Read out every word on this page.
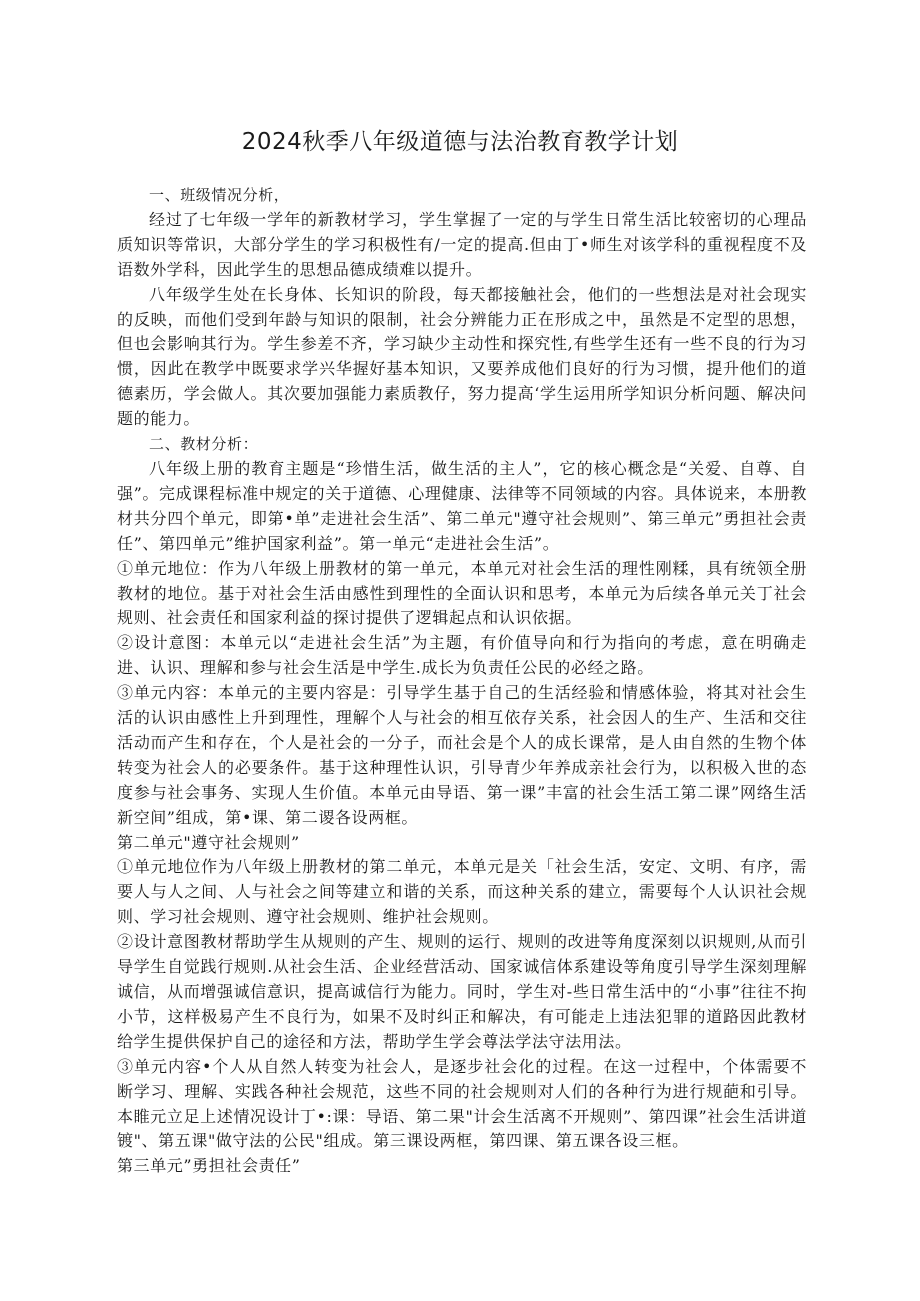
2024秋季八年级道德与法治教育教学计划

一、班级情况分析，

经过了七年级一学年的新教材学习，学生掌握了一定的与学生日常生活比较密切的心理品质知识等常识，大部分学生的学习积极性有/一定的提高.但由丁•师生对该学科的重视程度不及语数外学科，因此学生的思想品德成绩难以提升。

八年级学生处在长身体、长知识的阶段，每天都接触社会，他们的一些想法是对社会现实的反映，而他们受到年龄与知识的限制，社会分辨能力正在形成之中，虽然是不定型的思想，但也会影响其行为。学生参差不齐，学习缺少主动性和探究性,有些学生还有一些不良的行为习惯，因此在教学中既要求学兴华握好基本知识，又要养成他们良好的行为习惯，提升他们的道德素历，学会做人。其次要加强能力素质教仔，努力提高‘学生运用所学知识分析问题、解决问题的能力。

二、教材分析：

八年级上册的教育主题是“珍惜生活，做生活的主人”，它的核心概念是“关爱、自尊、自强”。完成课程标准中规定的关于道德、心理健康、法律等不同领域的内容。具体说来，本册教材共分四个单元，即第•单”走进社会生活”、第二单元"遵守社会规则”、第三单元”勇担社会责任”、第四单元”维护国家利益”。第一单元“走进社会生活”。

①单元地位：作为八年级上册教材的第一单元，本单元对社会生活的理性刚糅，具有统领全册教材的地位。基于对社会生活由感性到理性的全面认识和思考，本单元为后续各单元关丁社会规则、社会责任和国家利益的探讨提供了逻辑起点和认识依据。

②设计意图：本单元以“走进社会生活”为主题，有价值导向和行为指向的考虑，意在明确走进、认识、理解和参与社会生活是中学生.成长为负责任公民的必经之路。

③单元内容：本单元的主要内容是：引导学生基于自己的生活经验和情感体验，将其对社会生活的认识由感性上升到理性，理解个人与社会的相互依存关系，社会因人的生产、生活和交往活动而产生和存在，个人是社会的一分子，而社会是个人的成长课常，是人由自然的生物个体转变为社会人的必要条件。基于这种理性认识，引导青少年养成亲社会行为，以积极入世的态度参与社会事务、实现人生价值。本单元由导语、第一课”丰富的社会生活工第二课”网络生活新空间”组成，第•课、第二谡各设两框。

第二单元"遵守社会规则”

①单元地位作为八年级上册教材的第二单元，本单元是关「社会生活，安定、文明、有序，需要人与人之间、人与社会之间等建立和谐的关系，而这种关系的建立，需要每个人认识社会规则、学习社会规则、遵守社会规则、维护社会规则。

②设计意图教材帮助学生从规则的产生、规则的运行、规则的改进等角度深刻以识规则,从而引导学生自觉践行规则.从社会生活、企业经营活动、国家诚信体系建设等角度引导学生深刻理解诚信，从而增强诚信意识，提高诚信行为能力。同时，学生对-些日常生活中的“小事”往往不拘小节，这样极易产生不良行为，如果不及时纠正和解决，有可能走上违法犯罪的道路因此教材给学生提供保护自己的途径和方法，帮助学生学会尊法学法守法用法。

③单元内容•个人从自然人转变为社会人，是逐步社会化的过程。在这一过程中，个体需要不断学习、理解、实践各种社会规范，这些不同的社会规则对人们的各种行为进行规葩和引导。本睢元立足上述情况设计丁•:课：导语、第二果"计会生活离不开规则”、第四课”社会生活讲道镀"、第五课"做守法的公民"组成。第三课设两框，第四课、第五课各设三框。

第三单元”勇担社会责任”
